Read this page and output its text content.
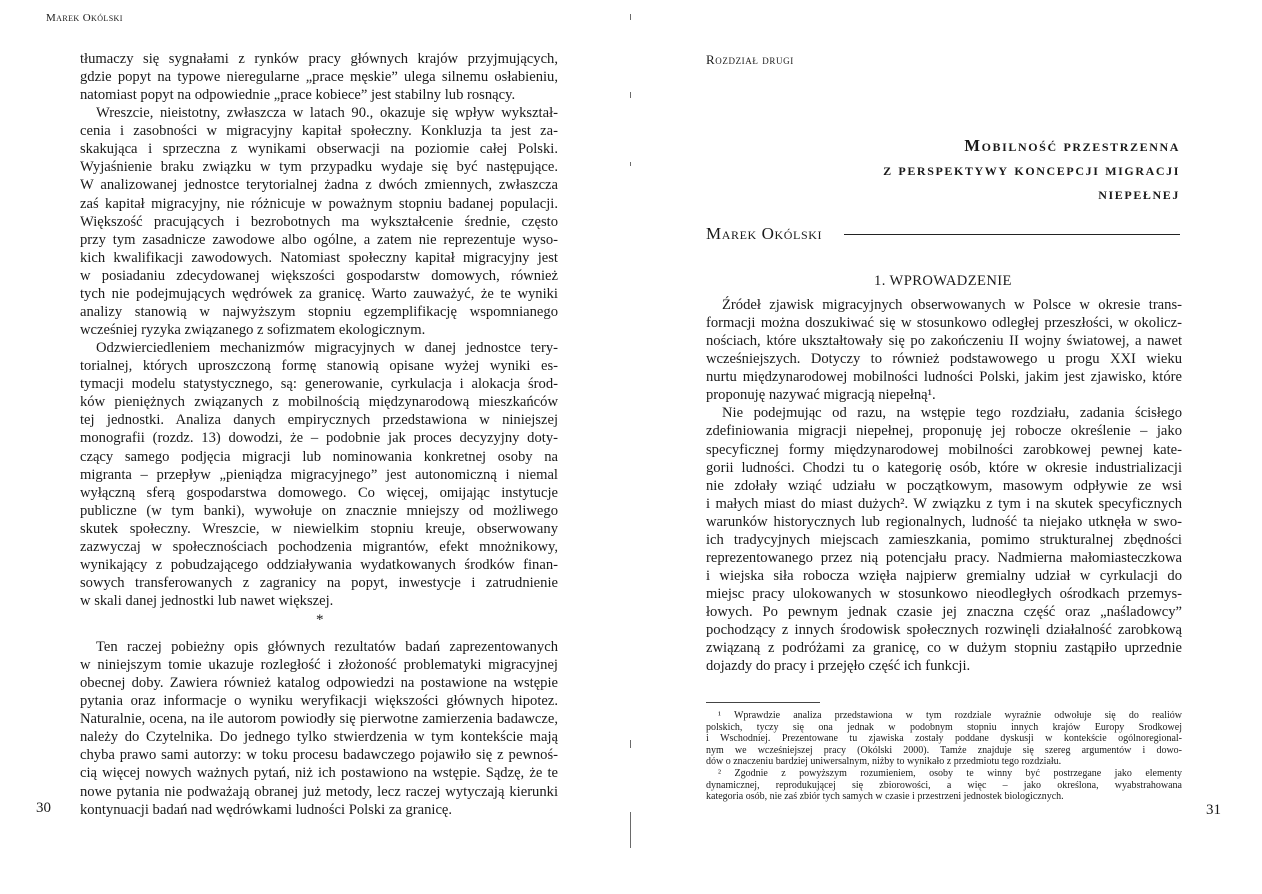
Marek Okólski
tłumaczy się sygnałami z rynków pracy głównych krajów przyjmujących,
gdzie popyt na typowe nieregularne „prace męskie” ulega silnemu osłabieniu,
natomiast popyt na odpowiednie „prace kobiece” jest stabilny lub rosnący.
Wreszcie, nieistotny, zwłaszcza w latach 90., okazuje się wpływ wykształ-
cenia i zasobności w migracyjny kapitał społeczny. Konkluzja ta jest za-
skakująca i sprzeczna z wynikami obserwacji na poziomie całej Polski.
Wyjaśnienie braku związku w tym przypadku wydaje się być następujące.
W analizowanej jednostce terytorialnej żadna z dwóch zmiennych, zwłaszcza
zaś kapitał migracyjny, nie różnicuje w poważnym stopniu badanej populacji.
Większość pracujących i bezrobotnych ma wykształcenie średnie, często
przy tym zasadnicze zawodowe albo ogólne, a zatem nie reprezentuje wyso-
kich kwalifikacji zawodowych. Natomiast społeczny kapitał migracyjny jest
w posiadaniu zdecydowanej większości gospodarstw domowych, również
tych nie podejmujących wędrówek za granicę. Warto zauważyć, że te wyniki
analizy stanowią w najwyższym stopniu egzemplifikację wspomnianego
wcześniej ryzyka związanego z sofizmatem ekologicznym.
Odzwierciedleniem mechanizmów migracyjnych w danej jednostce tery-
torialnej, których uproszczoną formę stanowią opisane wyżej wyniki es-
tymacji modelu statystycznego, są: generowanie, cyrkulacja i alokacja środ-
ków pieniężnych związanych z mobilnością międzynarodową mieszkańców
tej jednostki. Analiza danych empirycznych przedstawiona w niniejszej
monografii (rozdz. 13) dowodzi, że – podobnie jak proces decyzyjny doty-
czący samego podjęcia migracji lub nominowania konkretnej osoby na
migranta – przepływ „pieniądza migracyjnego” jest autonomiczną i niemal
wyłączną sferą gospodarstwa domowego. Co więcej, omijając instytucje
publiczne (w tym banki), wywołuje on znacznie mniejszy od możliwego
skutek społeczny. Wreszcie, w niewielkim stopniu kreuje, obserwowany
zazwyczaj w społecznościach pochodzenia migrantów, efekt mnożnikowy,
wynikający z pobudzającego oddziaływania wydatkowanych środków finan-
sowych transferowanych z zagranicy na popyt, inwestycje i zatrudnienie
w skali danej jednostki lub nawet większej.
*
Ten raczej pobieżny opis głównych rezultatów badań zaprezentowanych
w niniejszym tomie ukazuje rozległość i złożoność problematyki migracyjnej
obecnej doby. Zawiera również katalog odpowiedzi na postawione na wstępie
pytania oraz informacje o wyniku weryfikacji większości głównych hipotez.
Naturalnie, ocena, na ile autorom powiodły się pierwotne zamierzenia badawcze,
należy do Czytelnika. Do jednego tylko stwierdzenia w tym kontekście mają
chyba prawo sami autorzy: w toku procesu badawczego pojawiło się z pewnoś-
cią więcej nowych ważnych pytań, niż ich postawiono na wstępie. Sądzę, że te
nowe pytania nie podważają obranej już metody, lecz raczej wytyczają kierunki
kontynuacji badań nad wędrówkami ludności Polski za granicę.
30
Rozdział drugi
Mobilność przestrzenna
z perspektywy koncepcji migracji
niepełnej
Marek Okólski
1. WPROWADZENIE
Źródeł zjawisk migracyjnych obserwowanych w Polsce w okresie trans-
formacji można doszukiwać się w stosunkowo odległej przeszłości, w okolicz-
nościach, które ukształtowały się po zakończeniu II wojny światowej, a nawet
wcześniejszych. Dotyczy to również podstawowego u progu XXI wieku
nurtu międzynarodowej mobilności ludności Polski, jakim jest zjawisko, które
proponuję nazywać migracją niepełną¹.
Nie podejmując od razu, na wstępie tego rozdziału, zadania ścisłego
zdefiniowania migracji niepełnej, proponuję jej robocze określenie – jako
specyficznej formy międzynarodowej mobilności zarobkowej pewnej kate-
gorii ludności. Chodzi tu o kategorię osób, które w okresie industrializacji
nie zdołały wziąć udziału w początkowym, masowym odpływie ze wsi
i małych miast do miast dużych². W związku z tym i na skutek specyficznych
warunków historycznych lub regionalnych, ludność ta niejako utknęła w swo-
ich tradycyjnych miejscach zamieszkania, pomimo strukturalnej zbędności
reprezentowanego przez nią potencjału pracy. Nadmierna małomiasteczkowa
i wiejska siła robocza wzięła najpierw gremialny udział w cyrkulacji do
miejsc pracy ulokowanych w stosunkowo nieodległych ośrodkach przemys-
łowych. Po pewnym jednak czasie jej znaczna część oraz „naśladowcy”
pochodzący z innych środowisk społecznych rozwinęli działalność zarobkową
związaną z podróżami za granicę, co w dużym stopniu zastąpiło uprzednie
dojazdy do pracy i przejęło część ich funkcji.
¹ Wprawdzie analiza przedstawiona w tym rozdziale wyraźnie odwołuje się do realiów
polskich, tyczy się ona jednak w podobnym stopniu innych krajów Europy Środkowej
i Wschodniej. Prezentowane tu zjawiska zostały poddane dyskusji w kontekście ogólnoregional-
nym we wcześniejszej pracy (Okólski 2000). Tamże znajduje się szereg argumentów i dowo-
dów o znaczeniu bardziej uniwersalnym, niżby to wynikało z przedmiotu tego rozdziału.
² Zgodnie z powyższym rozumieniem, osoby te winny być postrzegane jako elementy
dynamicznej, reprodukującej się zbiorowości, a więc – jako określona, wyabstrahowana
kategoria osób, nie zaś zbiór tych samych w czasie i przestrzeni jednostek biologicznych.
31
